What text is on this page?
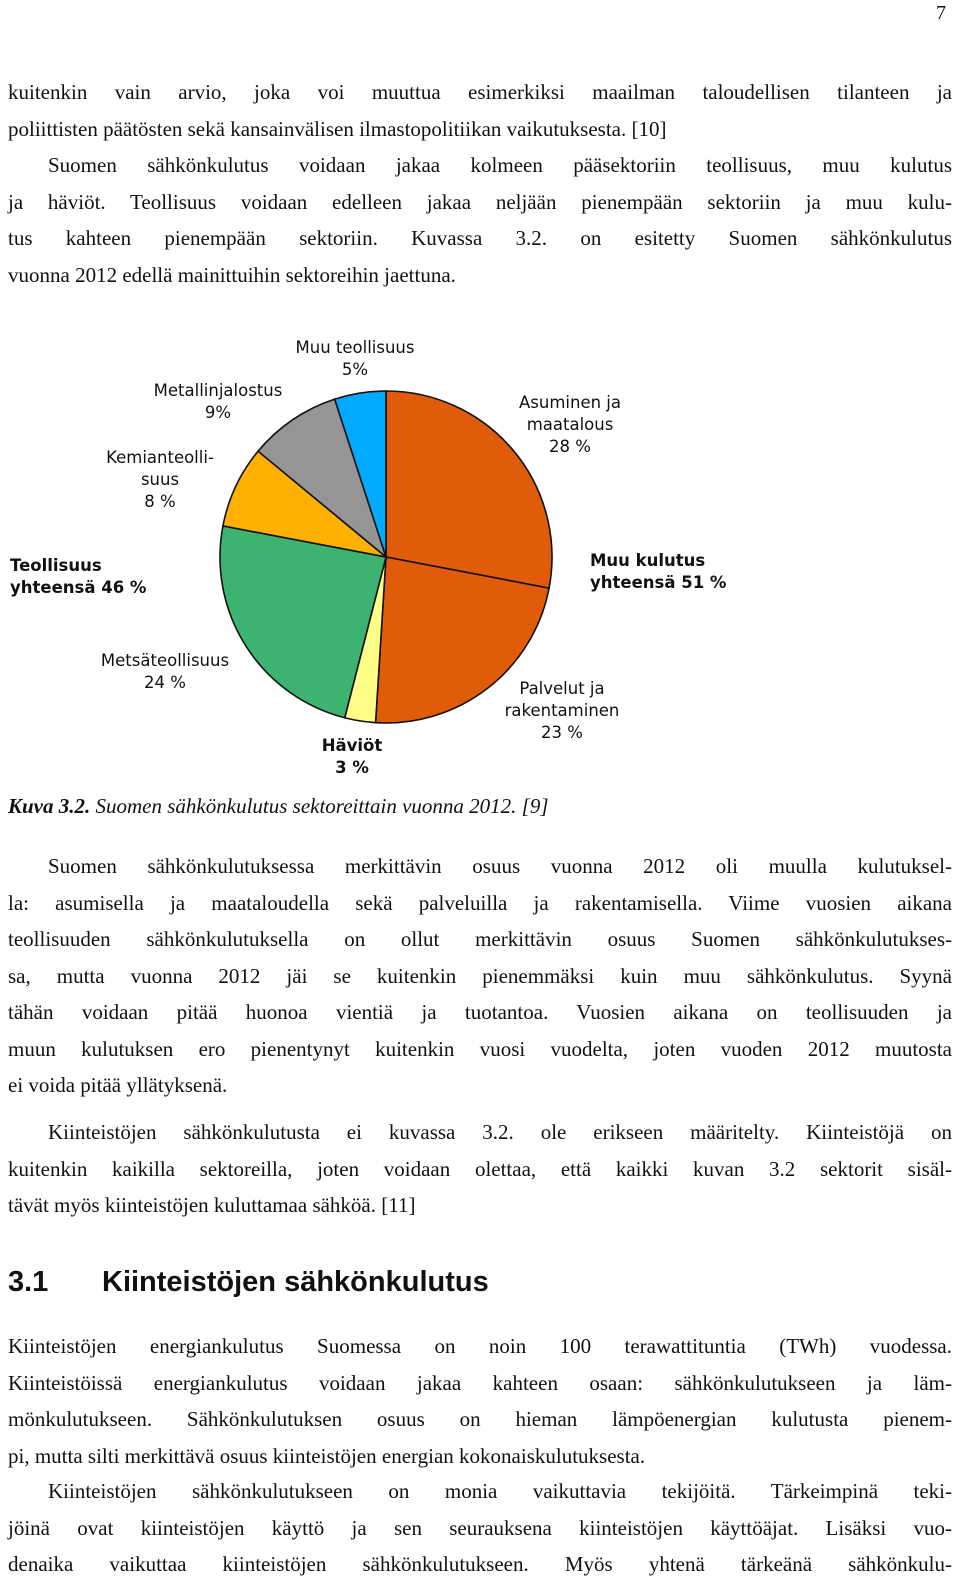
7
kuitenkin vain arvio, joka voi muuttua esimerkiksi maailman taloudellisen tilanteen ja
poliittisten päätösten sekä kansainvälisen ilmastopolitiikan vaikutuksesta. [10]
Suomen sähkönkulutus voidaan jakaa kolmeen pääsektoriin teollisuus, muu kulutus
ja häviöt. Teollisuus voidaan edelleen jakaa neljään pienempään sektoriin ja muu kulu-
tus kahteen pienempään sektoriin. Kuvassa 3.2. on esitetty Suomen sähkönkulutus
vuonna 2012 edellä mainittuihin sektoreihin jaettuna.
Muu teollisuus
5%
Metallinjalostus
9%
Kemianteolli-
suus
8 %
Asuminen ja
maatalous
28 %
Teollisuus
yhteensä 46 %
Muu kulutus
yhteensä 51 %
Metsäteollisuus
24 %	Palvelut ja
rakentaminen
23 %
Häviöt
3 %
Kuva 3.2. Suomen sähkönkulutus sektoreittain vuonna 2012. [9]
Suomen sähkönkulutuksessa merkittävin osuus vuonna 2012 oli muulla kulutuksel-
la: asumisella ja maataloudella sekä palveluilla ja rakentamisella. Viime vuosien aikana
teollisuuden sähkönkulutuksella on ollut merkittävin osuus Suomen sähkönkulutukses-
sa, mutta vuonna 2012 jäi se kuitenkin pienemmäksi kuin muu sähkönkulutus. Syynä
tähän voidaan pitää huonoa vientiä ja tuotantoa. Vuosien aikana on teollisuuden ja
muun kulutuksen ero pienentynyt kuitenkin vuosi vuodelta, joten vuoden 2012 muutosta
ei voida pitää yllätyksenä.
Kiinteistöjen sähkönkulutusta ei kuvassa 3.2. ole erikseen määritelty. Kiinteistöjä on
kuitenkin kaikilla sektoreilla, joten voidaan olettaa, että kaikki kuvan 3.2 sektorit sisäl-
tävät myös kiinteistöjen kuluttamaa sähköä. [11]
3.1 Kiinteistöjen sähkönkulutus
Kiinteistöjen energiankulutus Suomessa on noin 100 terawattituntia (TWh) vuodessa.
Kiinteistöissä energiankulutus voidaan jakaa kahteen osaan: sähkönkulutukseen ja läm-
mönkulutukseen. Sähkönkulutuksen osuus on hieman lämpöenergian kulutusta pienem-
pi, mutta silti merkittävä osuus kiinteistöjen energian kokonaiskulutuksesta.
Kiinteistöjen sähkönkulutukseen on monia vaikuttavia tekijöitä. Tärkeimpinä teki-
jöinä ovat kiinteistöjen käyttö ja sen seurauksena kiinteistöjen käyttöäjat. Lisäksi vuo-
denaika vaikuttaa kiinteistöjen sähkönkulutukseen. Myös yhtenä tärkeänä sähkönkulu-
